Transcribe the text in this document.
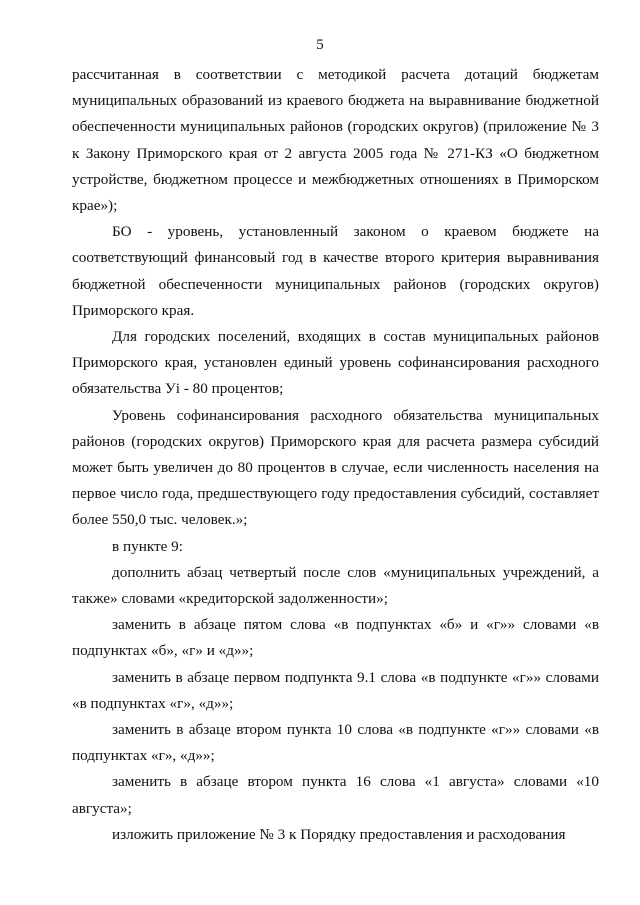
5

рассчитанная в соответствии с методикой расчета дотаций бюджетам муниципальных образований из краевого бюджета на выравнивание бюджетной обеспеченности муниципальных районов (городских округов) (приложение № 3 к Закону Приморского края от 2 августа 2005 года № 271-КЗ «О бюджетном устройстве, бюджетном процессе и межбюджетных отношениях в Приморском крае»);

БО - уровень, установленный законом о краевом бюджете на соответствующий финансовый год в качестве второго критерия выравнивания бюджетной обеспеченности муниципальных районов (городских округов) Приморского края.

Для городских поселений, входящих в состав муниципальных районов Приморского края, установлен единый уровень софинансирования расходного обязательства Уi - 80 процентов;

Уровень софинансирования расходного обязательства муниципальных районов (городских округов) Приморского края для расчета размера субсидий может быть увеличен до 80 процентов в случае, если численность населения на первое число года, предшествующего году предоставления субсидий, составляет более 550,0 тыс. человек.»;

в пункте 9:

дополнить абзац четвертый после слов «муниципальных учреждений, а также» словами «кредиторской задолженности»;

заменить в абзаце пятом слова «в подпунктах «б» и «г»» словами «в подпунктах «б», «г» и «д»»;

заменить в абзаце первом подпункта 9.1 слова «в подпункте «г»» словами «в подпунктах «г», «д»»;

заменить в абзаце втором пункта 10 слова «в подпункте «г»» словами «в подпунктах «г», «д»»;

заменить в абзаце втором пункта 16 слова «1 августа» словами «10 августа»;

изложить приложение № 3 к Порядку предоставления и расходования
